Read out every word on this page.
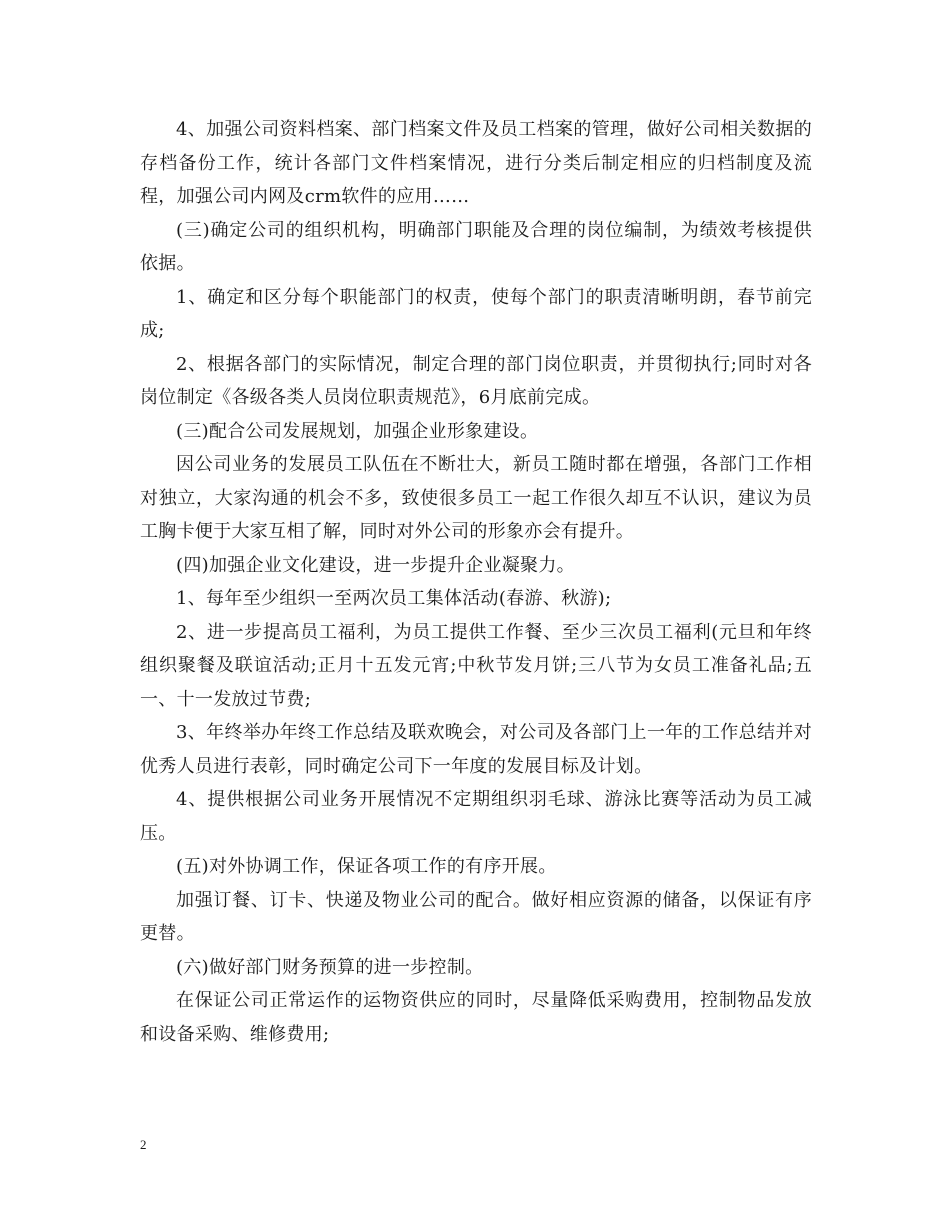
4、加强公司资料档案、部门档案文件及员工档案的管理，做好公司相关数据的存档备份工作，统计各部门文件档案情况，进行分类后制定相应的归档制度及流程，加强公司内网及crm软件的应用……

(三)确定公司的组织机构，明确部门职能及合理的岗位编制，为绩效考核提供依据。

1、确定和区分每个职能部门的权责，使每个部门的职责清晰明朗，春节前完成;

2、根据各部门的实际情况，制定合理的部门岗位职责，并贯彻执行;同时对各岗位制定《各级各类人员岗位职责规范》，6月底前完成。

(三)配合公司发展规划，加强企业形象建设。

因公司业务的发展员工队伍在不断壮大，新员工随时都在增强，各部门工作相对独立，大家沟通的机会不多，致使很多员工一起工作很久却互不认识，建议为员工胸卡便于大家互相了解，同时对外公司的形象亦会有提升。

(四)加强企业文化建设，进一步提升企业凝聚力。

1、每年至少组织一至两次员工集体活动(春游、秋游);

2、进一步提高员工福利，为员工提供工作餐、至少三次员工福利(元旦和年终组织聚餐及联谊活动;正月十五发元宵;中秋节发月饼;三八节为女员工准备礼品;五一、十一发放过节费;

3、年终举办年终工作总结及联欢晚会，对公司及各部门上一年的工作总结并对优秀人员进行表彰，同时确定公司下一年度的发展目标及计划。

4、提供根据公司业务开展情况不定期组织羽毛球、游泳比赛等活动为员工减压。

(五)对外协调工作，保证各项工作的有序开展。

加强订餐、订卡、快递及物业公司的配合。做好相应资源的储备，以保证有序更替。

(六)做好部门财务预算的进一步控制。

在保证公司正常运作的运物资供应的同时，尽量降低采购费用，控制物品发放和设备采购、维修费用;

2
